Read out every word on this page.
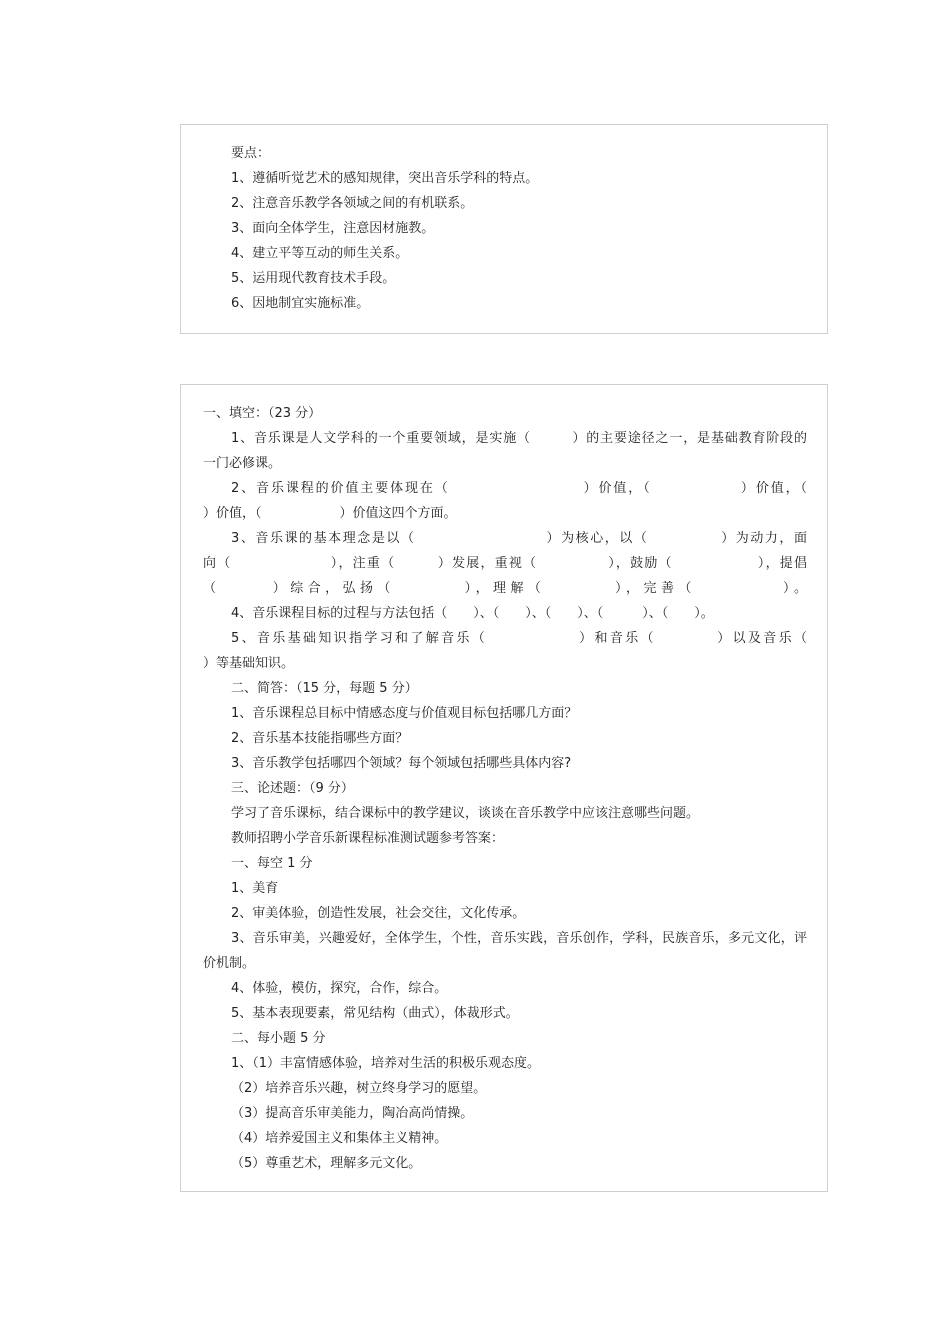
要点：
1、遵循听觉艺术的感知规律，突出音乐学科的特点。
2、注意音乐教学各领域之间的有机联系。
3、面向全体学生，注意因材施教。
4、建立平等互动的师生关系。
5、运用现代教育技术手段。
6、因地制宜实施标准。
一、填空：（23 分）
1、音乐课是人文学科的一个重要领域，是实施（　　　）的主要途径之一，是基础教育阶段的
一门必修课。
2、音乐课程的价值主要体现在（　　　　　　　　　）价值，（　　　　　　）价值，（
）价值，（　　　　　　）价值这四个方面。
3、音乐课的基本理念是以（　　　　　　　　　）为核心，以（　　　　　）为动力，面
向（　　　　　　　），注重（　　　）发展，重视（　　　　　），鼓励（　　　　　　），提倡
（　　　）综合，弘扬（　　　　），理解（　　　　），完善（　　　　　）。
4、音乐课程目标的过程与方法包括（　　）、（　　）、（　　）、（　　　）、（　　）。
5、音乐基础知识指学习和了解音乐（　　　　　　）和音乐（　　　　）以及音乐（
）等基础知识。
二、简答：（15 分，每题 5 分）
1、音乐课程总目标中情感态度与价值观目标包括哪几方面？
2、音乐基本技能指哪些方面？
3、音乐教学包括哪四个领域？每个领域包括哪些具体内容?
三、论述题：（9 分）
学习了音乐课标，结合课标中的教学建议，谈谈在音乐教学中应该注意哪些问题。
教师招聘小学音乐新课程标准测试题参考答案：
一、每空 1 分
1、美育
2、审美体验，创造性发展，社会交往，文化传承。
3、音乐审美，兴趣爱好，全体学生，个性，音乐实践，音乐创作，学科，民族音乐，多元文化，评
价机制。
4、体验，模仿，探究，合作，综合。
5、基本表现要素，常见结构（曲式），体裁形式。
二、每小题 5 分
1、（1）丰富情感体验，培养对生活的积极乐观态度。
（2）培养音乐兴趣，树立终身学习的愿望。
（3）提高音乐审美能力，陶冶高尚情操。
（4）培养爱国主义和集体主义精神。
（5）尊重艺术，理解多元文化。
